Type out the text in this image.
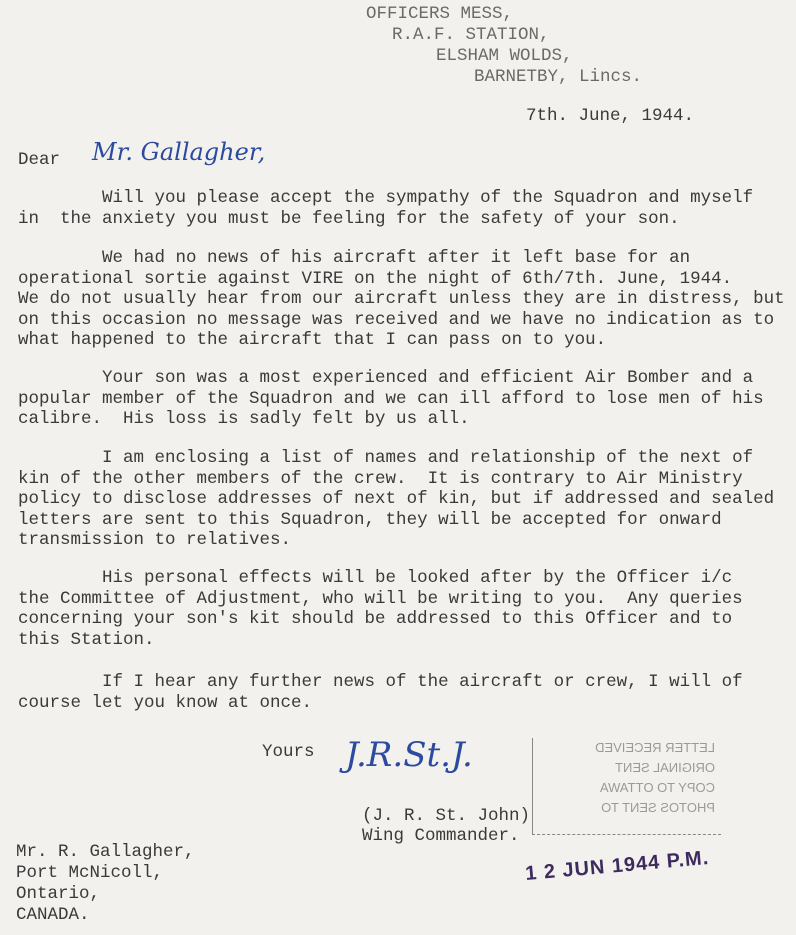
7th. June, 1944.
Dear Mr. Gallagher,
Yours J.R.St.J.
(J. R. St. John)
Wing Commander.
LETTER RECEIVED
ORIGINAL SENT
COPY TO OTTAWA
PHOTOS SENT TO
1 2 JUN 1944 P.M.
OFFICERS MESS,
R.A.F. STATION,
ELSHAM WOLDS,
BARNETBY, Lincs.
Will you please accept the sympathy of the Squadron and myself
in  the anxiety you must be feeling for the safety of your son.
We had no news of his aircraft after it left base for an
operational sortie against VIRE on the night of 6th/7th. June, 1944.
We do not usually hear from our aircraft unless they are in distress, but
on this occasion no message was received and we have no indication as to
what happened to the aircraft that I can pass on to you.
Your son was a most experienced and efficient Air Bomber and a
popular member of the Squadron and we can ill afford to lose men of his
calibre.  His loss is sadly felt by us all.
I am enclosing a list of names and relationship of the next of
kin of the other members of the crew.  It is contrary to Air Ministry
policy to disclose addresses of next of kin, but if addressed and sealed
letters are sent to this Squadron, they will be accepted for onward
transmission to relatives.
His personal effects will be looked after by the Officer i/c
the Committee of Adjustment, who will be writing to you.  Any queries
concerning your son's kit should be addressed to this Officer and to
this Station.
If I hear any further news of the aircraft or crew, I will of
course let you know at once.
Mr. R. Gallagher,
Port McNicoll,
Ontario,
CANADA.
